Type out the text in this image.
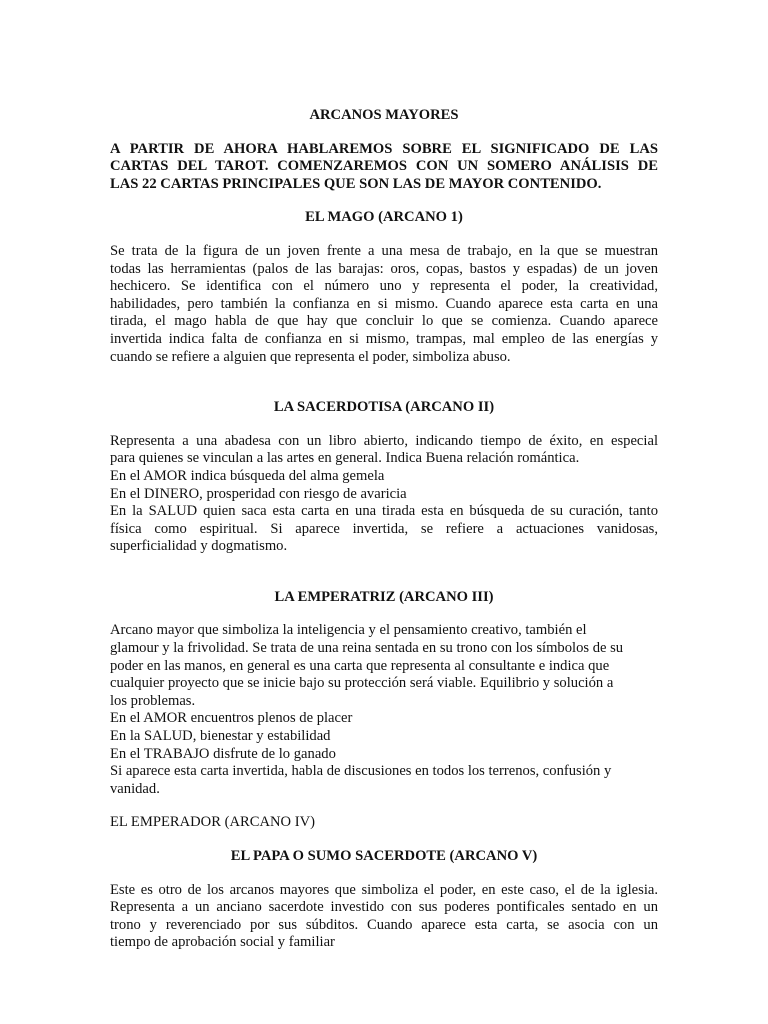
ARCANOS MAYORES
A PARTIR DE AHORA HABLAREMOS SOBRE EL SIGNIFICADO DE LAS
CARTAS DEL TAROT. COMENZAREMOS CON UN SOMERO ANÁLISIS DE
LAS 22 CARTAS PRINCIPALES QUE SON LAS DE MAYOR CONTENIDO.
EL MAGO (ARCANO 1)
Se trata de la figura de un joven frente a una mesa de trabajo, en la que se muestran
todas las herramientas (palos de las barajas: oros, copas, bastos y espadas) de un joven
hechicero. Se identifica con el número uno y representa el poder, la creatividad,
habilidades, pero también la confianza en si mismo. Cuando aparece esta carta en una
tirada, el mago habla de que hay que concluir lo que se comienza. Cuando aparece
invertida indica falta de confianza en si mismo, trampas, mal empleo de las energías y
cuando se refiere a alguien que representa el poder, simboliza abuso.
LA SACERDOTISA (ARCANO II)
Representa a una abadesa con un libro abierto, indicando tiempo de éxito, en especial
para quienes se vinculan a las artes en general. Indica Buena relación romántica.
En el AMOR indica búsqueda del alma gemela
En el DINERO, prosperidad con riesgo de avaricia
En la SALUD quien saca esta carta en una tirada esta en búsqueda de su curación, tanto
física como espiritual. Si aparece invertida, se refiere a actuaciones vanidosas,
superficialidad y dogmatismo.
LA EMPERATRIZ (ARCANO III)
Arcano mayor que simboliza la inteligencia y el pensamiento creativo, también el
glamour y la frivolidad. Se trata de una reina sentada en su trono con los símbolos de su
poder en las manos, en general es una carta que representa al consultante e indica que
cualquier proyecto que se inicie bajo su protección será viable. Equilibrio y solución a
los problemas.
En el AMOR encuentros plenos de placer
En la SALUD, bienestar y estabilidad
En el TRABAJO disfrute de lo ganado
Si aparece esta carta invertida, habla de discusiones en todos los terrenos, confusión y
vanidad.
EL EMPERADOR (ARCANO IV)
EL PAPA O SUMO SACERDOTE (ARCANO V)
Este es otro de los arcanos mayores que simboliza el poder, en este caso, el de la iglesia.
Representa a un anciano sacerdote investido con sus poderes pontificales sentado en un
trono y reverenciado por sus súbditos. Cuando aparece esta carta, se asocia con un
tiempo de aprobación social y familiar
